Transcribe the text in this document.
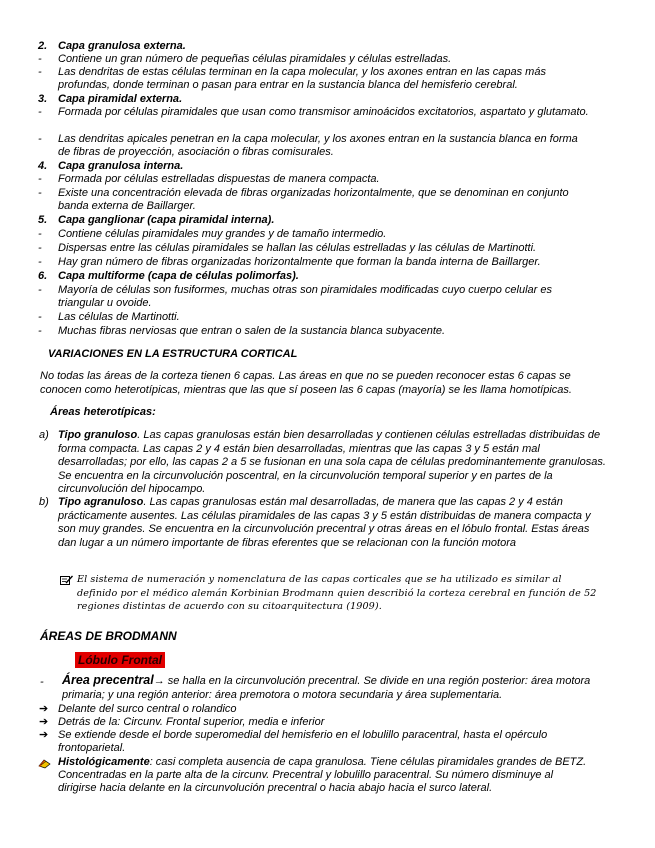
2. Capa granulosa externa.
-	Contiene un gran número de pequeñas células piramidales y células estrelladas.
-	Las dendritas de estas células terminan en la capa molecular, y los axones entran en las capas más profundas, donde terminan o pasan para entrar en la sustancia blanca del hemisferio cerebral.
3. Capa piramidal externa.
-	Formada por células piramidales que usan como transmisor aminoácidos excitatorios, aspartato y glutamato.
-	Las dendritas apicales penetran en la capa molecular, y los axones entran en la sustancia blanca en forma de fibras de proyección, asociación o fibras comisurales.
4. Capa granulosa interna.
-	Formada por células estrelladas dispuestas de manera compacta.
-	Existe una concentración elevada de fibras organizadas horizontalmente, que se denominan en conjunto banda externa de Baillarger.
5. Capa ganglionar (capa piramidal interna).
-	Contiene células piramidales muy grandes y de tamaño intermedio.
-	Dispersas entre las células piramidales se hallan las células estrelladas y las células de Martinotti.
-	Hay gran número de fibras organizadas horizontalmente que forman la banda interna de Baillarger.
6. Capa multiforme (capa de células polimorfas).
-	Mayoría de células son fusiformes, muchas otras son piramidales modificadas cuyo cuerpo celular es triangular u ovoide.
-	Las células de Martinotti.
-	Muchas fibras nerviosas que entran o salen de la sustancia blanca subyacente.
VARIACIONES EN LA ESTRUCTURA CORTICAL
No todas las áreas de la corteza tienen 6 capas. Las áreas en que no se pueden reconocer estas 6 capas se conocen como heterotípicas, mientras que las que sí poseen las 6 capas (mayoría) se les llama homotípicas.
Áreas heterotípicas:
a) Tipo granuloso. Las capas granulosas están bien desarrolladas y contienen células estrelladas distribuidas de forma compacta. Las capas 2 y 4 están bien desarrolladas, mientras que las capas 3 y 5 están mal desarrolladas; por ello, las capas 2 a 5 se fusionan en una sola capa de células predominantemente granulosas. Se encuentra en la circunvolución poscentral, en la circunvolución temporal superior y en partes de la circunvolución del hipocampo.
b) Tipo agranuloso. Las capas granulosas están mal desarrolladas, de manera que las capas 2 y 4 están prácticamente ausentes. Las células piramidales de las capas 3 y 5 están distribuidas de manera compacta y son muy grandes. Se encuentra en la circunvolución precentral y otras áreas en el lóbulo frontal. Estas áreas dan lugar a un número importante de fibras eferentes que se relacionan con la función motora
El sistema de numeración y nomenclatura de las capas corticales que se ha utilizado es similar al definido por el médico alemán Korbinian Brodmann quien describió la corteza cerebral en función de 52 regiones distintas de acuerdo con su citoarquitectura (1909).
ÁREAS DE BRODMANN
Lóbulo Frontal
- Área precentral→ se halla en la circunvolución precentral. Se divide en una región posterior: área motora primaria; y una región anterior: área premotora o motora secundaria y área suplementaria.
➔ Delante del surco central o rolandico
➔ Detrás de la: Circunv. Frontal superior, media e inferior
➔ Se extiende desde el borde superomedial del hemisferio en el lobulillo paracentral, hasta el opérculo frontoparietal.
Histológicamente: casi completa ausencia de capa granulosa. Tiene células piramidales grandes de BETZ. Concentradas en la parte alta de la circunv. Precentral y lobulillo paracentral. Su número disminuye al dirigirse hacia delante en la circunvolución precentral o hacia abajo hacia el surco lateral.
